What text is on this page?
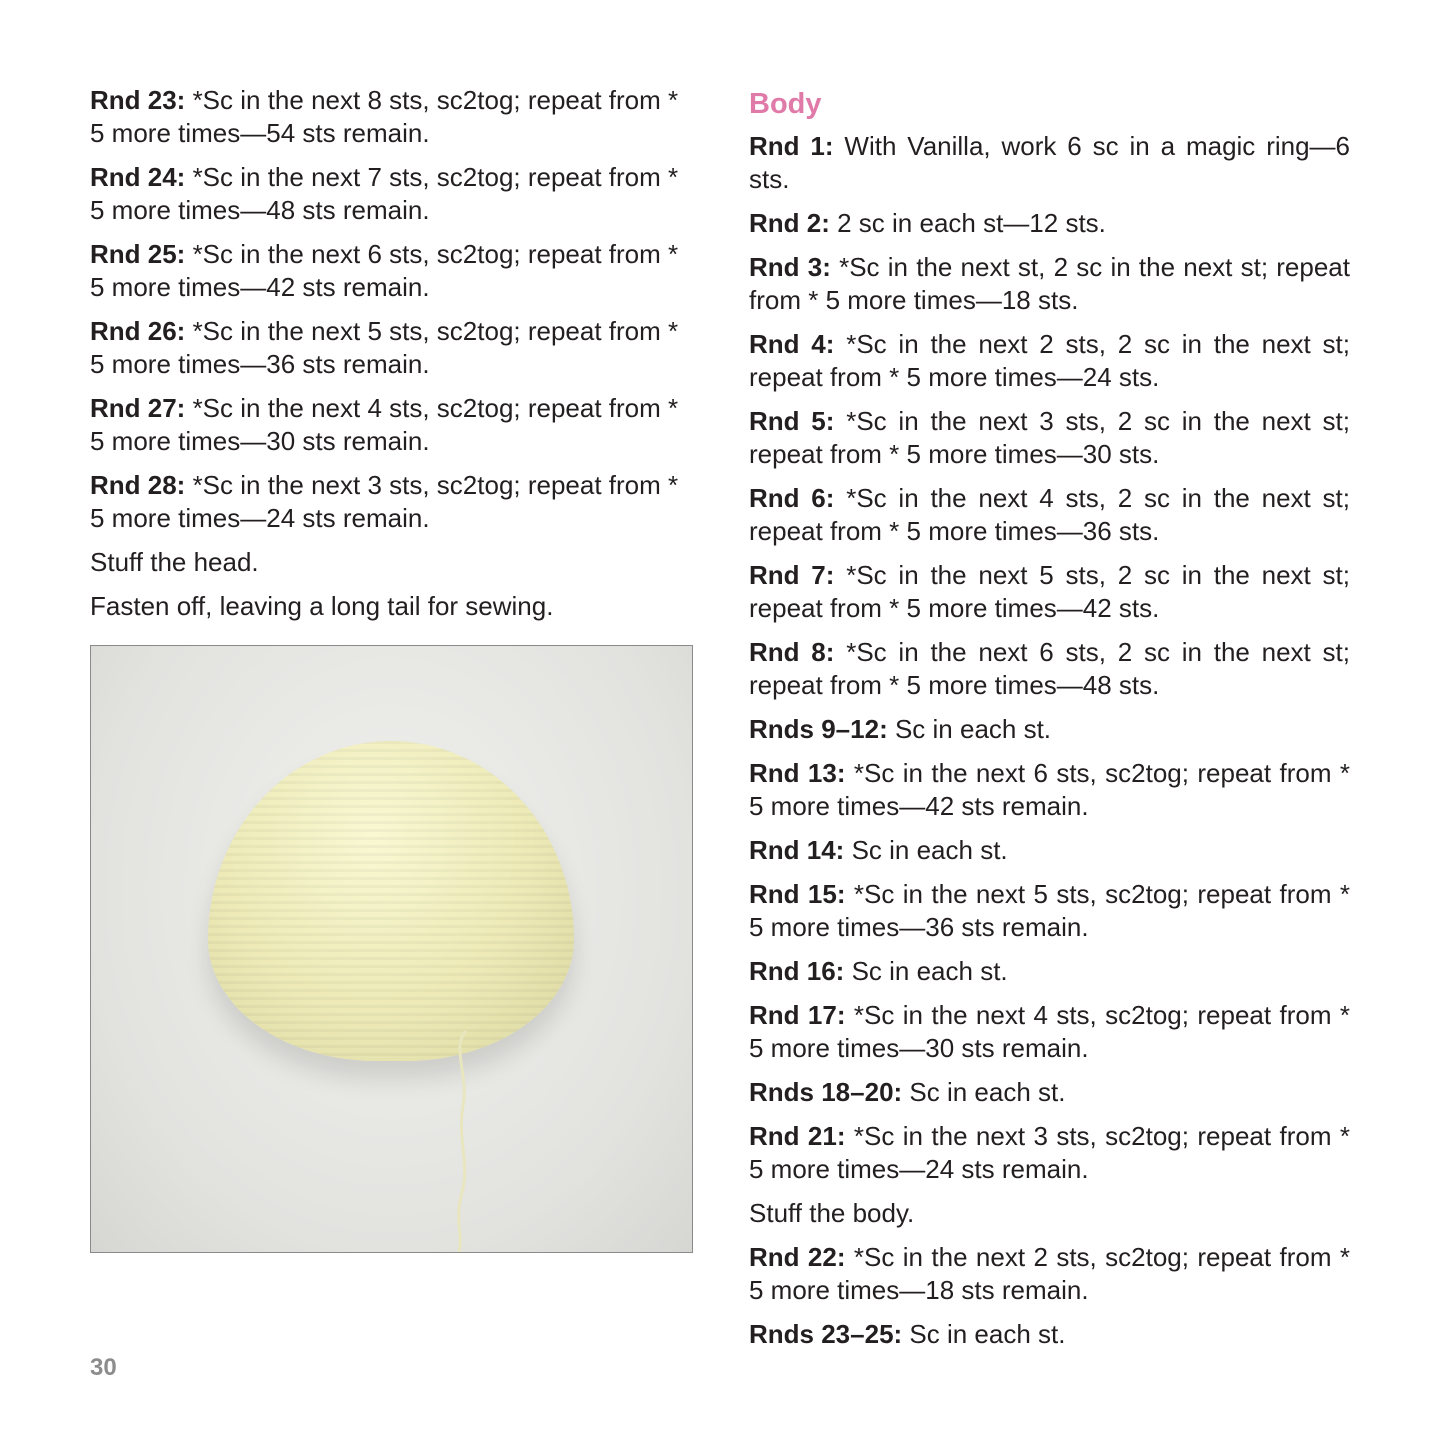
Rnd 23: *Sc in the next 8 sts, sc2tog; repeat from * 5 more times—54 sts remain.

Rnd 24: *Sc in the next 7 sts, sc2tog; repeat from * 5 more times—48 sts remain.

Rnd 25: *Sc in the next 6 sts, sc2tog; repeat from * 5 more times—42 sts remain.

Rnd 26: *Sc in the next 5 sts, sc2tog; repeat from * 5 more times—36 sts remain.

Rnd 27: *Sc in the next 4 sts, sc2tog; repeat from * 5 more times—30 sts remain.

Rnd 28: *Sc in the next 3 sts, sc2tog; repeat from * 5 more times—24 sts remain.

Stuff the head.

Fasten off, leaving a long tail for sewing.

Body

Rnd 1: With Vanilla, work 6 sc in a magic ring—6 sts.

Rnd 2: 2 sc in each st—12 sts.

Rnd 3: *Sc in the next st, 2 sc in the next st; repeat from * 5 more times—18 sts.

Rnd 4: *Sc in the next 2 sts, 2 sc in the next st; repeat from * 5 more times—24 sts.

Rnd 5: *Sc in the next 3 sts, 2 sc in the next st; repeat from * 5 more times—30 sts.

Rnd 6: *Sc in the next 4 sts, 2 sc in the next st; repeat from * 5 more times—36 sts.

Rnd 7: *Sc in the next 5 sts, 2 sc in the next st; repeat from * 5 more times—42 sts.

Rnd 8: *Sc in the next 6 sts, 2 sc in the next st; repeat from * 5 more times—48 sts.

Rnds 9–12: Sc in each st.

Rnd 13: *Sc in the next 6 sts, sc2tog; repeat from * 5 more times—42 sts remain.

Rnd 14: Sc in each st.

Rnd 15: *Sc in the next 5 sts, sc2tog; repeat from * 5 more times—36 sts remain.

Rnd 16: Sc in each st.

Rnd 17: *Sc in the next 4 sts, sc2tog; repeat from * 5 more times—30 sts remain.

Rnds 18–20: Sc in each st.

Rnd 21: *Sc in the next 3 sts, sc2tog; repeat from * 5 more times—24 sts remain.

Stuff the body.

Rnd 22: *Sc in the next 2 sts, sc2tog; repeat from * 5 more times—18 sts remain.

Rnds 23–25: Sc in each st.

30
